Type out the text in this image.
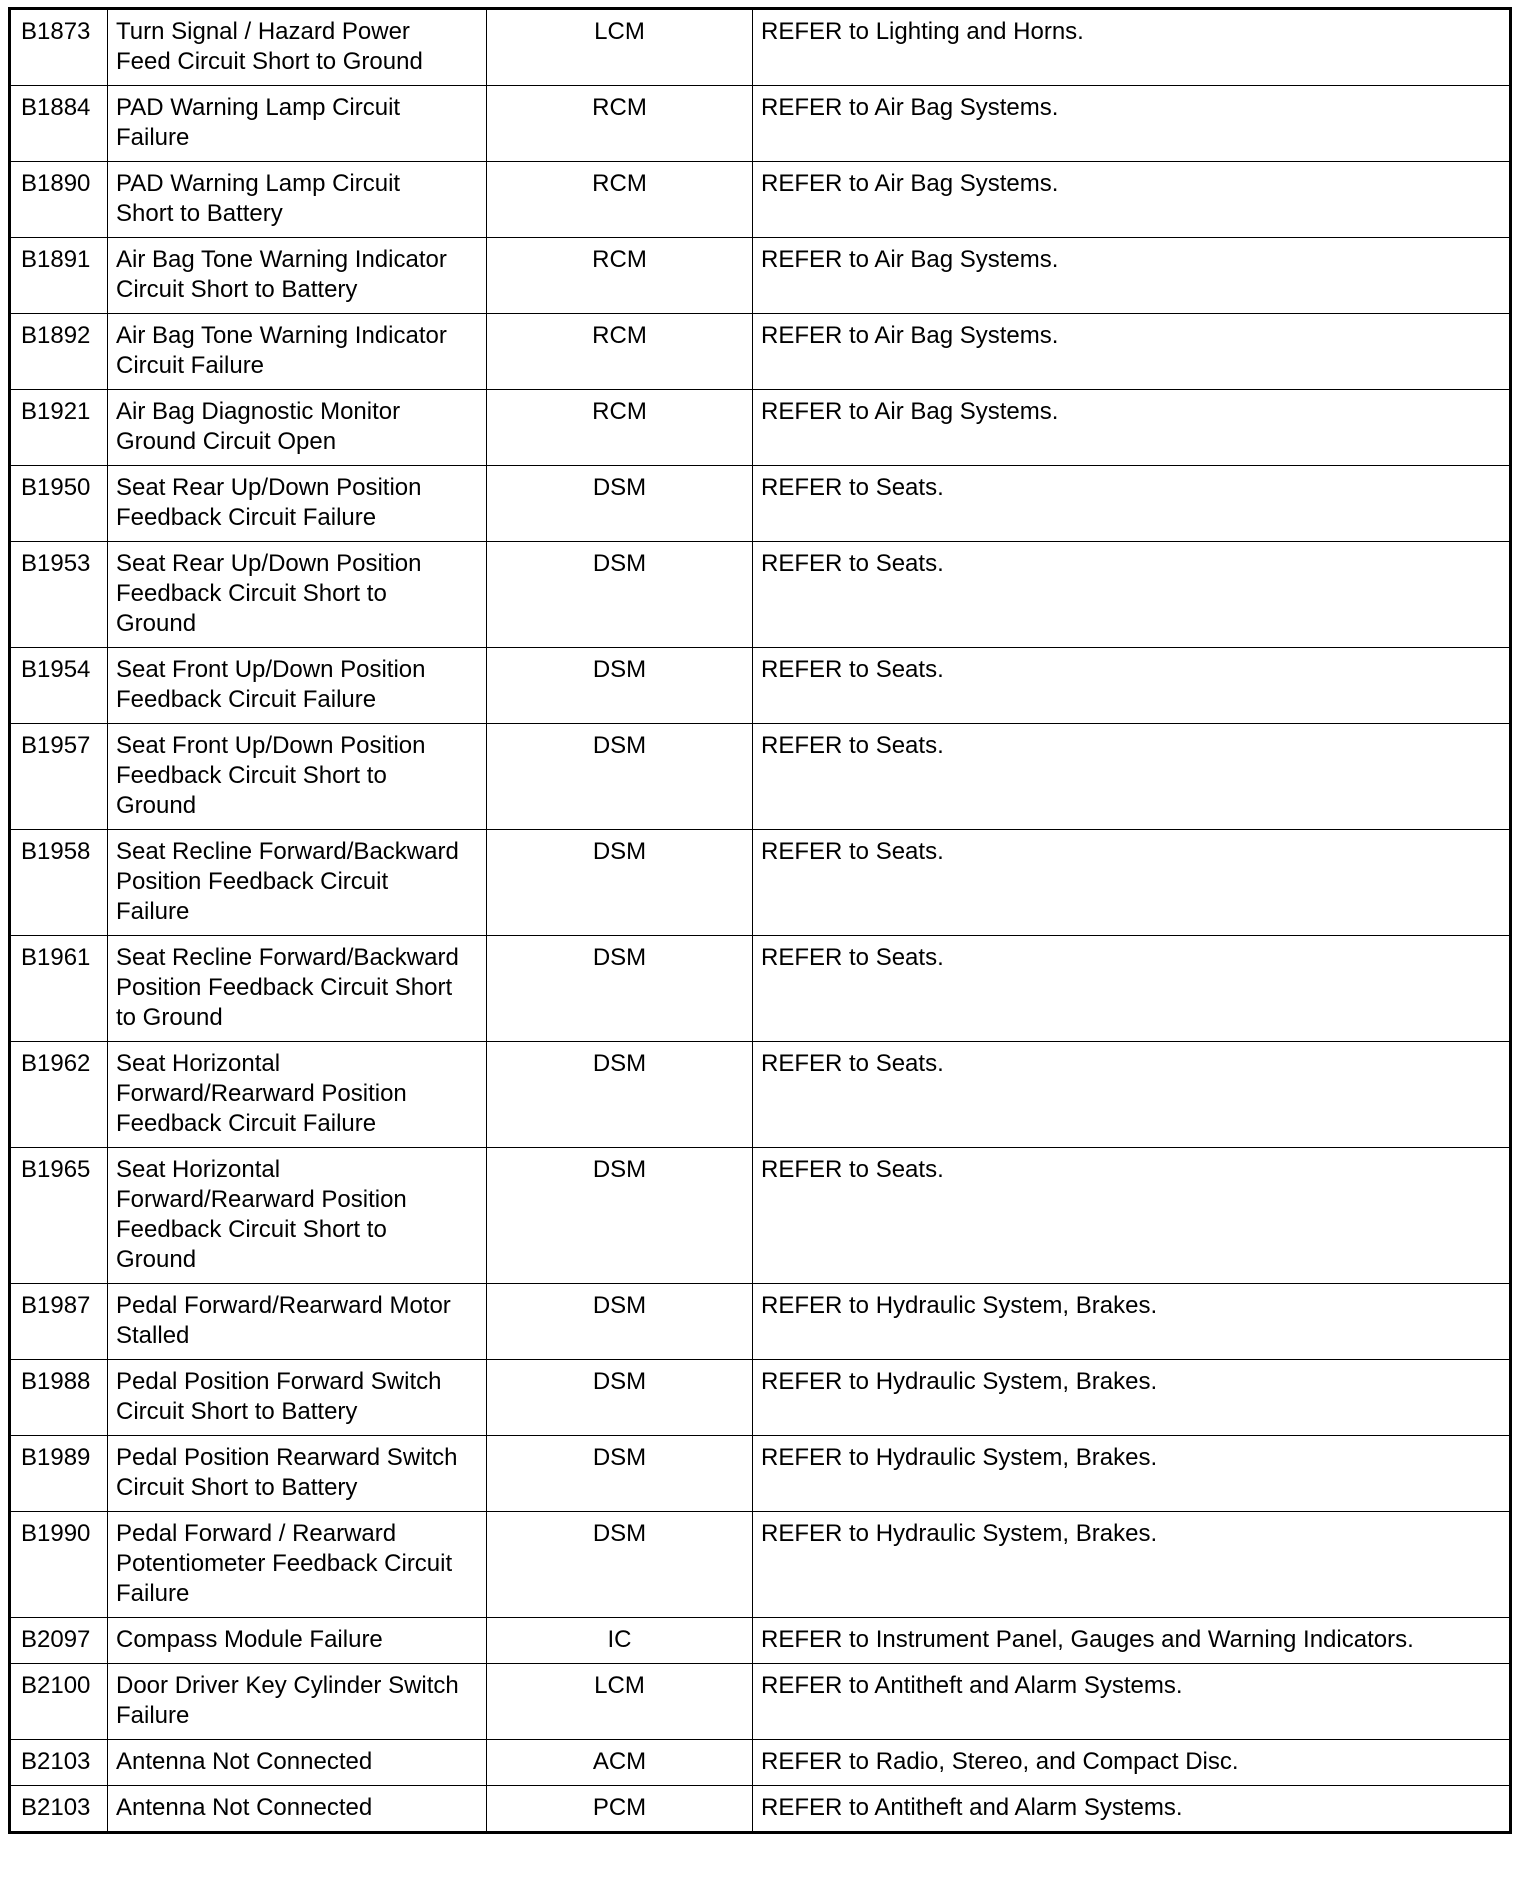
B1873	Turn Signal / Hazard Power
Feed Circuit Short to Ground	LCM	REFER to Lighting and Horns.
B1884	PAD Warning Lamp Circuit
Failure	RCM	REFER to Air Bag Systems.
B1890	PAD Warning Lamp Circuit
Short to Battery	RCM	REFER to Air Bag Systems.
B1891	Air Bag Tone Warning Indicator
Circuit Short to Battery	RCM	REFER to Air Bag Systems.
B1892	Air Bag Tone Warning Indicator
Circuit Failure	RCM	REFER to Air Bag Systems.
B1921	Air Bag Diagnostic Monitor
Ground Circuit Open	RCM	REFER to Air Bag Systems.
B1950	Seat Rear Up/Down Position
Feedback Circuit Failure	DSM	REFER to Seats.
B1953	Seat Rear Up/Down Position
Feedback Circuit Short to
Ground	DSM	REFER to Seats.
B1954	Seat Front Up/Down Position
Feedback Circuit Failure	DSM	REFER to Seats.
B1957	Seat Front Up/Down Position
Feedback Circuit Short to
Ground	DSM	REFER to Seats.
B1958	Seat Recline Forward/Backward
Position Feedback Circuit
Failure	DSM	REFER to Seats.
B1961	Seat Recline Forward/Backward
Position Feedback Circuit Short
to Ground	DSM	REFER to Seats.
B1962	Seat Horizontal
Forward/Rearward Position
Feedback Circuit Failure	DSM	REFER to Seats.
B1965	Seat Horizontal
Forward/Rearward Position
Feedback Circuit Short to
Ground	DSM	REFER to Seats.
B1987	Pedal Forward/Rearward Motor
Stalled	DSM	REFER to Hydraulic System, Brakes.
B1988	Pedal Position Forward Switch
Circuit Short to Battery	DSM	REFER to Hydraulic System, Brakes.
B1989	Pedal Position Rearward Switch
Circuit Short to Battery	DSM	REFER to Hydraulic System, Brakes.
B1990	Pedal Forward / Rearward
Potentiometer Feedback Circuit
Failure	DSM	REFER to Hydraulic System, Brakes.
B2097	Compass Module Failure	IC	REFER to Instrument Panel, Gauges and Warning Indicators.
B2100	Door Driver Key Cylinder Switch
Failure	LCM	REFER to Antitheft and Alarm Systems.
B2103	Antenna Not Connected	ACM	REFER to Radio, Stereo, and Compact Disc.
B2103	Antenna Not Connected	PCM	REFER to Antitheft and Alarm Systems.
